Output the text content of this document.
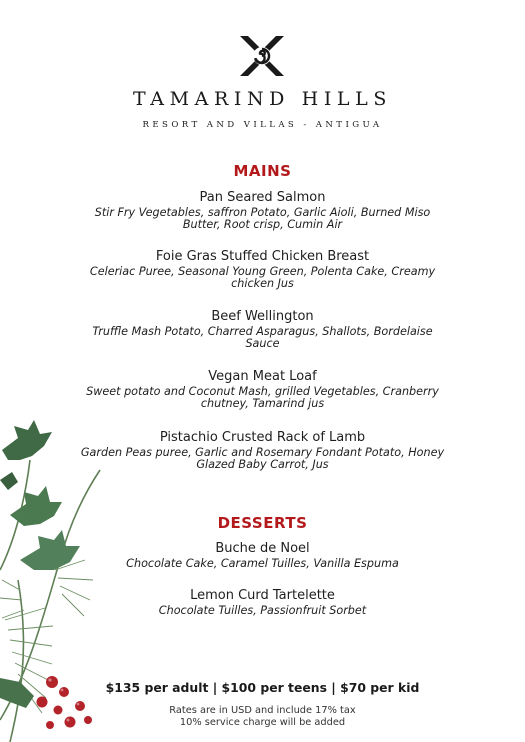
TAMARIND HILLS
RESORT AND VILLAS - ANTIGUA
MAINS
Pan Seared Salmon
Stir Fry Vegetables, saffron Potato, Garlic Aioli, Burned Miso
Butter, Root crisp, Cumin Air
Foie Gras Stuffed Chicken Breast
Celeriac Puree, Seasonal Young Green, Polenta Cake, Creamy
chicken Jus
Beef Wellington
Truffle Mash Potato, Charred Asparagus, Shallots, Bordelaise
Sauce
Vegan Meat Loaf
Sweet potato and Coconut Mash, grilled Vegetables, Cranberry
chutney, Tamarind jus
Pistachio Crusted Rack of Lamb
Garden Peas puree, Garlic and Rosemary Fondant Potato, Honey
Glazed Baby Carrot, Jus
DESSERTS
Buche de Noel
Chocolate Cake, Caramel Tuilles, Vanilla Espuma
Lemon Curd Tartelette
Chocolate Tuilles, Passionfruit Sorbet
$135 per adult | $100 per teens | $70 per kid
Rates are in USD and include 17% tax
10% service charge will be added
